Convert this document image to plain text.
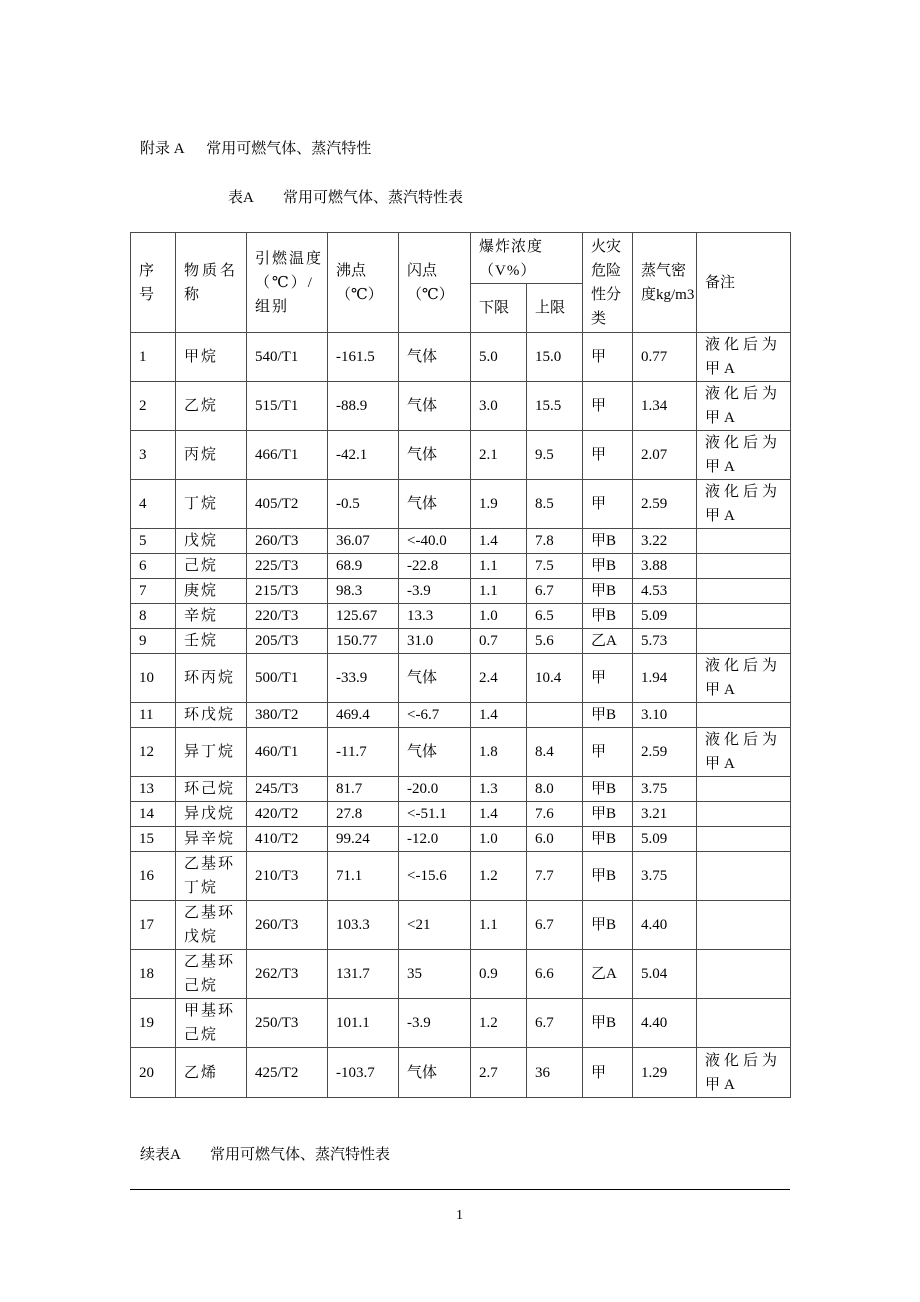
附录 A      常用可燃气体、蒸汽特性
表A        常用可燃气体、蒸汽特性表
序号	物质名称	引燃温度（℃）/组别	沸点（℃）	闪点（℃）	爆炸浓度（V%）		火灾危险性分类	蒸气密度kg/m3	备注
					下限	上限			
1	甲烷	540/T1	-161.5	气体	5.0	15.0	甲	0.77	液化后为甲A
2	乙烷	515/T1	-88.9	气体	3.0	15.5	甲	1.34	液化后为甲A
3	丙烷	466/T1	-42.1	气体	2.1	9.5	甲	2.07	液化后为甲A
4	丁烷	405/T2	-0.5	气体	1.9	8.5	甲	2.59	液化后为甲A
5	戊烷	260/T3	36.07	<-40.0	1.4	7.8	甲B	3.22	
6	己烷	225/T3	68.9	-22.8	1.1	7.5	甲B	3.88	
7	庚烷	215/T3	98.3	-3.9	1.1	6.7	甲B	4.53	
8	辛烷	220/T3	125.67	13.3	1.0	6.5	甲B	5.09	
9	壬烷	205/T3	150.77	31.0	0.7	5.6	乙A	5.73	
10	环丙烷	500/T1	-33.9	气体	2.4	10.4	甲	1.94	液化后为甲A
11	环戊烷	380/T2	469.4	<-6.7	1.4		甲B	3.10	
12	异丁烷	460/T1	-11.7	气体	1.8	8.4	甲	2.59	液化后为甲A
13	环己烷	245/T3	81.7	-20.0	1.3	8.0	甲B	3.75	
14	异戊烷	420/T2	27.8	<-51.1	1.4	7.6	甲B	3.21	
15	异辛烷	410/T2	99.24	-12.0	1.0	6.0	甲B	5.09	
16	乙基环丁烷	210/T3	71.1	<-15.6	1.2	7.7	甲B	3.75	
17	乙基环戊烷	260/T3	103.3	<21	1.1	6.7	甲B	4.40	
18	乙基环己烷	262/T3	131.7	35	0.9	6.6	乙A	5.04	
19	甲基环己烷	250/T3	101.1	-3.9	1.2	6.7	甲B	4.40	
20	乙烯	425/T2	-103.7	气体	2.7	36	甲	1.29	液化后为甲A
续表A        常用可燃气体、蒸汽特性表
1
